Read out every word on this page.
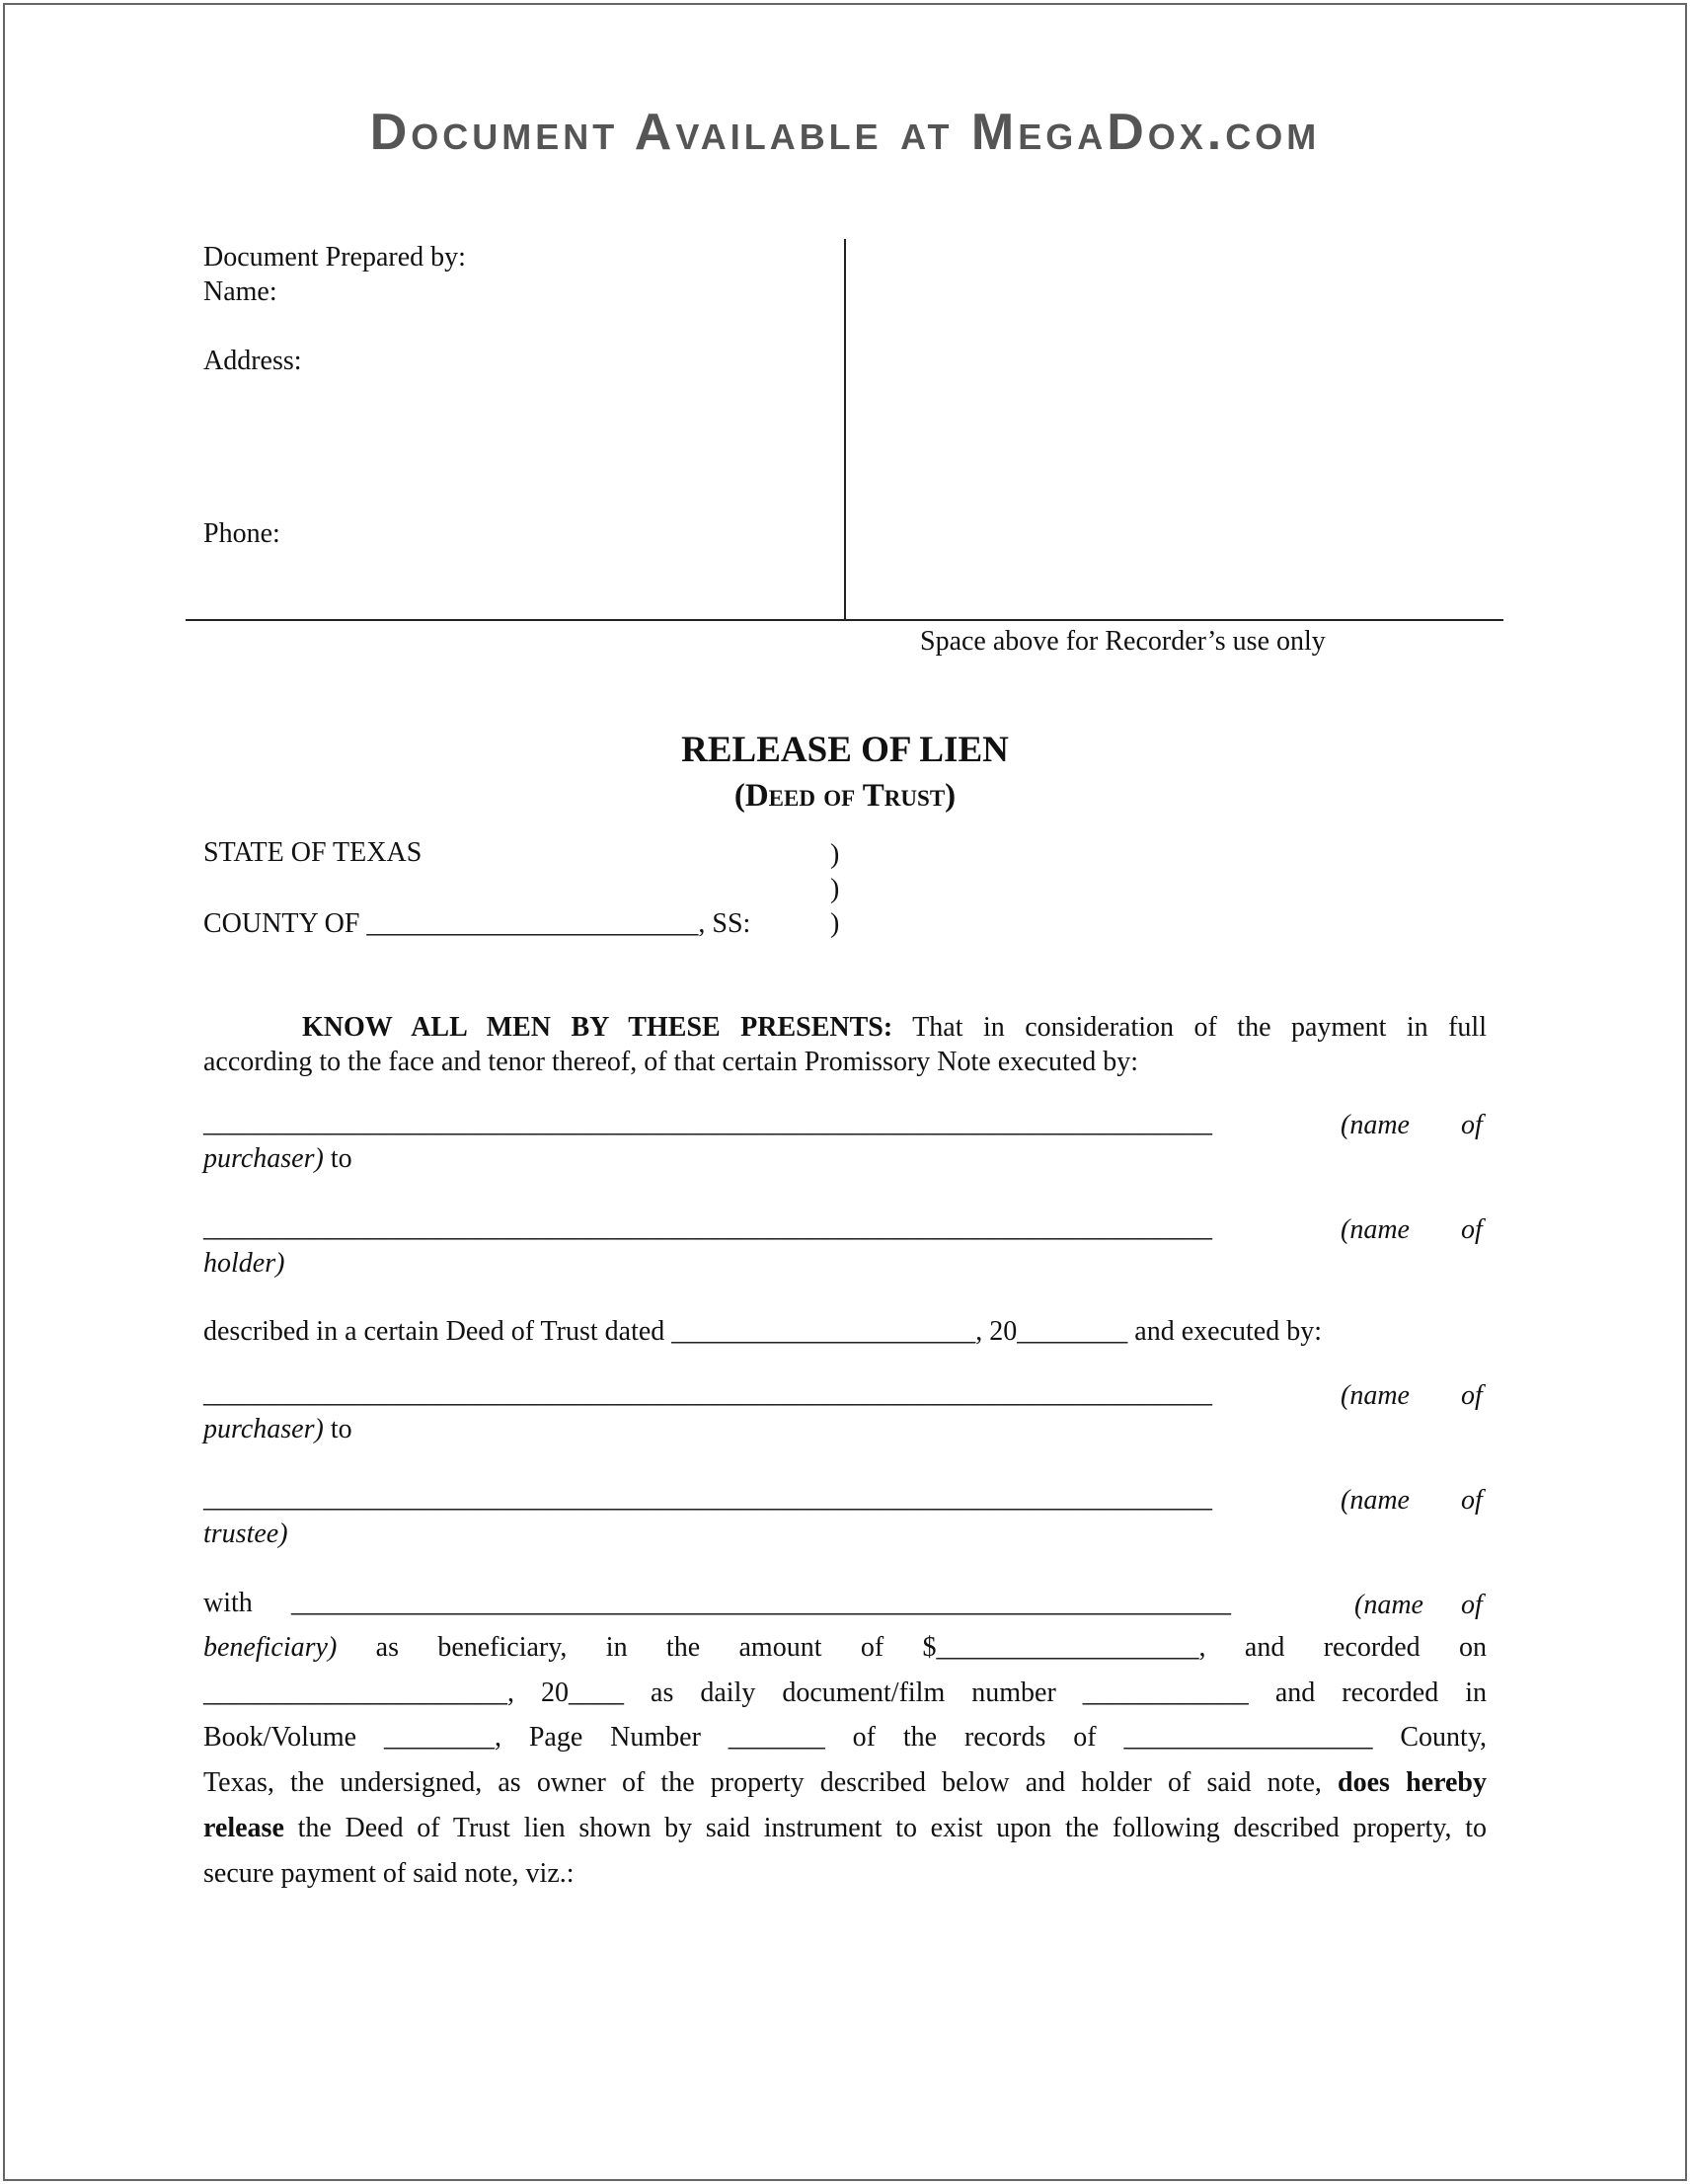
Document Available at MegaDox.com
Document Prepared by:
Name:
Address:
Phone:
Space above for Recorder’s use only
RELEASE OF LIEN
(Deed of Trust)
STATE OF TEXAS	)
)
COUNTY OF ________________________, SS:	)
KNOW ALL MEN BY THESE PRESENTS: That in consideration of the payment in full
according to the face and tenor thereof, of that certain Promissory Note executed by:
_________________________________________________________________________	(name of
purchaser) to
_________________________________________________________________________	(name of
holder)
described in a certain Deed of Trust dated ______________________, 20________ and executed by:
_________________________________________________________________________	(name of
purchaser) to
_________________________________________________________________________	(name of
trustee)
with ____________________________________________________________________	(name of
beneficiary) as beneficiary, in the amount of $___________________, and recorded on
______________________, 20____ as daily document/film number ____________ and recorded in
Book/Volume ________, Page Number _______ of the records of __________________ County,
Texas, the undersigned, as owner of the property described below and holder of said note, does hereby
release the Deed of Trust lien shown by said instrument to exist upon the following described property, to
secure payment of said note, viz.:
